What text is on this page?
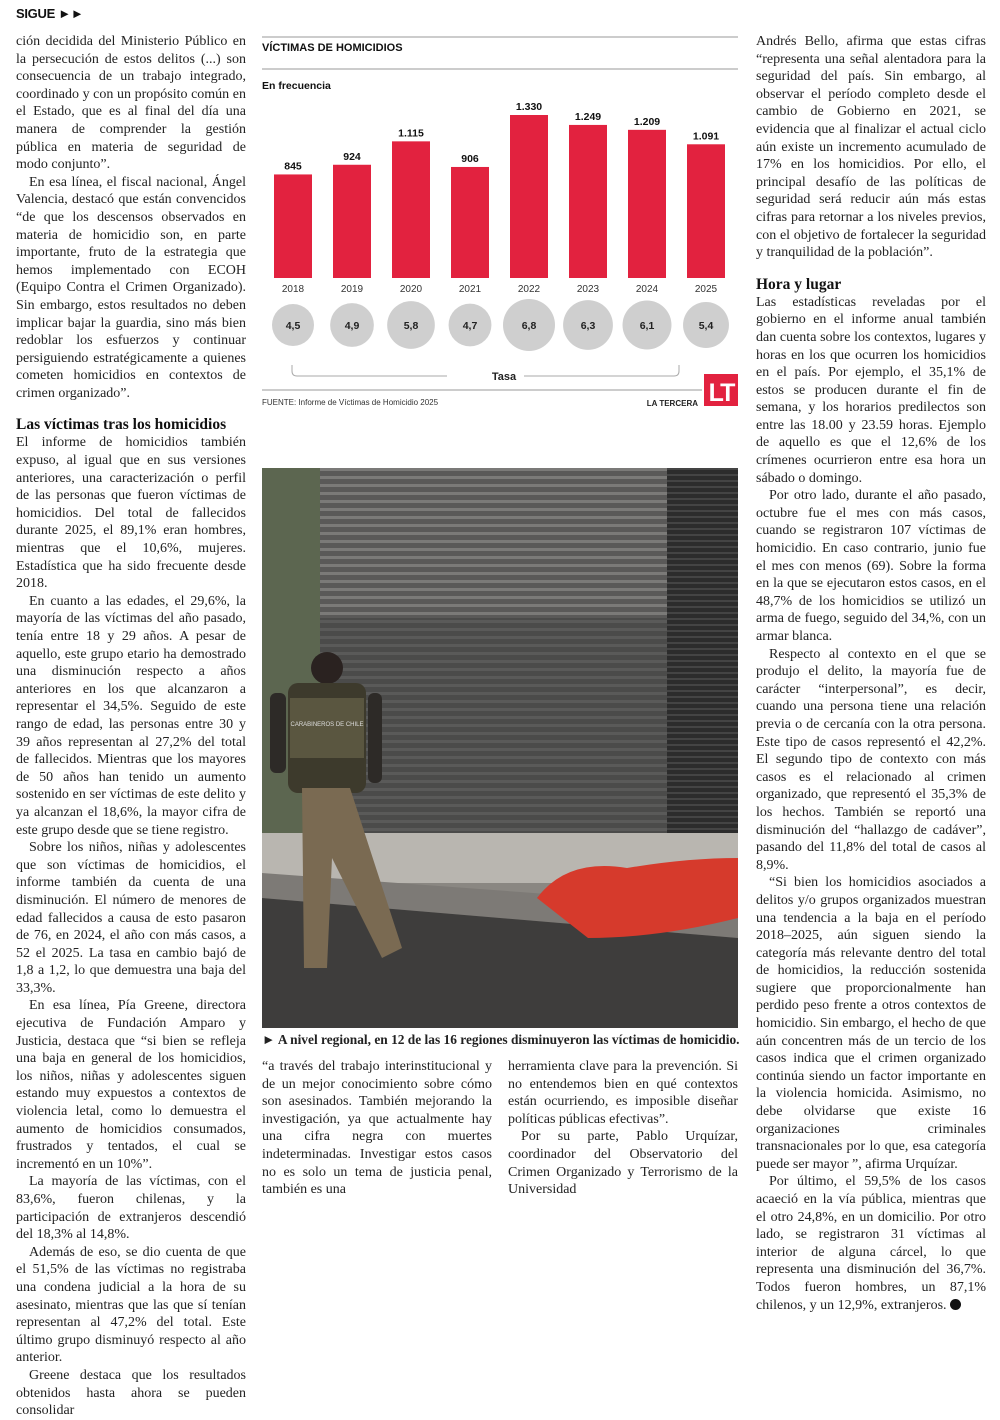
SIGUE ►►

ción decidida del Ministerio Público en la persecución de estos delitos (...) son consecuencia de un trabajo integrado, coordinado y con un propósito común en el Estado, que es al final del día una manera de comprender la gestión pública en materia de seguridad de modo conjunto”.

En esa línea, el fiscal nacional, Ángel Valencia, destacó que están convencidos “de que los descensos observados en materia de homicidio son, en parte importante, fruto de la estrategia que hemos implementado con ECOH (Equipo Contra el Crimen Organizado). Sin embargo, estos resultados no deben implicar bajar la guardia, sino más bien redoblar los esfuerzos y continuar persiguiendo estratégicamente a quienes cometen homicidios en contextos de crimen organizado”.

Las víctimas tras los homicidios

El informe de homicidios también expuso, al igual que en sus versiones anteriores, una caracterización o perfil de las personas que fueron víctimas de homicidios. Del total de fallecidos durante 2025, el 89,1% eran hombres, mientras que el 10,6%, mujeres. Estadística que ha sido frecuente desde 2018.

En cuanto a las edades, el 29,6%, la mayoría de las víctimas del año pasado, tenía entre 18 y 29 años. A pesar de aquello, este grupo etario ha demostrado una disminución respecto a años anteriores en los que alcanzaron a representar el 34,5%. Seguido de este rango de edad, las personas entre 30 y 39 años representan al 27,2% del total de fallecidos. Mientras que los mayores de 50 años han tenido un aumento sostenido en ser víctimas de este delito y ya alcanzan el 18,6%, la mayor cifra de este grupo desde que se tiene registro.

Sobre los niños, niñas y adolescentes que son víctimas de homicidios, el informe también da cuenta de una disminución. El número de menores de edad fallecidos a causa de esto pasaron de 76, en 2024, el año con más casos, a 52 el 2025. La tasa en cambio bajó de 1,8 a 1,2, lo que demuestra una baja del 33,3%.

En esa línea, Pía Greene, directora ejecutiva de Fundación Amparo y Justicia, destaca que “si bien se refleja una baja en general de los homicidios, los niños, niñas y adolescentes siguen estando muy expuestos a contextos de violencia letal, como lo demuestra el aumento de homicidios consumados, frustrados y tentados, el cual se incrementó en un 10%”.

La mayoría de las víctimas, con el 83,6%, fueron chilenas, y la participación de extranjeros descendió del 18,3% al 14,8%.

Además de eso, se dio cuenta de que el 51,5% de las víctimas no registraba una condena judicial a la hora de su asesinato, mientras que las que sí tenían representan al 47,2% del total. Este último grupo disminuyó respecto al año anterior.

Greene destaca que los resultados obtenidos hasta ahora se pueden consolidar

VÍCTIMAS DE HOMICIDIOS
En frecuencia
845
2018
4,5
924
2019
4,9
1.115
2020
5,8
906
2021
4,7
1.330
2022
6,8
1.249
2023
6,3
1.209
2024
6,1
1.091
2025
5,4
Tasa
FUENTE: Informe de Víctimas de Homicidio 2025	LA TERCERA LT
CARABINEROS DE CHILE
► A nivel regional, en 12 de las 16 regiones disminuyeron las víctimas de homicidio.

“a través del trabajo interinstitucional y de un mejor conocimiento sobre cómo son asesinados. También mejorando la investigación, ya que actualmente hay una cifra negra con muertes indeterminadas. Investigar estos casos no es solo un tema de justicia penal, también es una

herramienta clave para la prevención. Si no entendemos bien en qué contextos están ocurriendo, es imposible diseñar políticas públicas efectivas”.

Por su parte, Pablo Urquízar, coordinador del Observatorio del Crimen Organizado y Terrorismo de la Universidad

Andrés Bello, afirma que estas cifras “representa una señal alentadora para la seguridad del país. Sin embargo, al observar el período completo desde el cambio de Gobierno en 2021, se evidencia que al finalizar el actual ciclo aún existe un incremento acumulado de 17% en los homicidios. Por ello, el principal desafío de las políticas de seguridad será reducir aún más estas cifras para retornar a los niveles previos, con el objetivo de fortalecer la seguridad y tranquilidad de la población”.

Hora y lugar

Las estadísticas reveladas por el gobierno en el informe anual también dan cuenta sobre los contextos, lugares y horas en los que ocurren los homicidios en el país. Por ejemplo, el 35,1% de estos se producen durante el fin de semana, y los horarios predilectos son entre las 18.00 y 23.59 horas. Ejemplo de aquello es que el 12,6% de los crímenes ocurrieron entre esa hora un sábado o domingo.

Por otro lado, durante el año pasado, octubre fue el mes con más casos, cuando se registraron 107 víctimas de homicidio. En caso contrario, junio fue el mes con menos (69). Sobre la forma en la que se ejecutaron estos casos, en el 48,7% de los homicidios se utilizó un arma de fuego, seguido del 34,%, con un armar blanca.

Respecto al contexto en el que se produjo el delito, la mayoría fue de carácter “interpersonal”, es decir, cuando una persona tiene una relación previa o de cercanía con la otra persona. Este tipo de casos representó el 42,2%. El segundo tipo de contexto con más casos es el relacionado al crimen organizado, que representó el 35,3% de los hechos. También se reportó una disminución del “hallazgo de cadáver”, pasando del 11,8% del total de casos al 8,9%.

“Si bien los homicidios asociados a delitos y/o grupos organizados muestran una tendencia a la baja en el período 2018–2025, aún siguen siendo la categoría más relevante dentro del total de homicidios, la reducción sostenida sugiere que proporcionalmente han perdido peso frente a otros contextos de homicidio. Sin embargo, el hecho de que aún concentren más de un tercio de los casos indica que el crimen organizado continúa siendo un factor importante en la violencia homicida. Asimismo, no debe olvidarse que existe 16 organizaciones criminales transnacionales por lo que, esa categoría puede ser mayor ”, afirma Urquízar.

Por último, el 59,5% de los casos acaeció en la vía pública, mientras que el otro 24,8%, en un domicilio. Por otro lado, se registraron 31 víctimas al interior de alguna cárcel, lo que representa una disminución del 36,7%. Todos fueron hombres, un 87,1% chilenos, y un 12,9%, extranjeros.
